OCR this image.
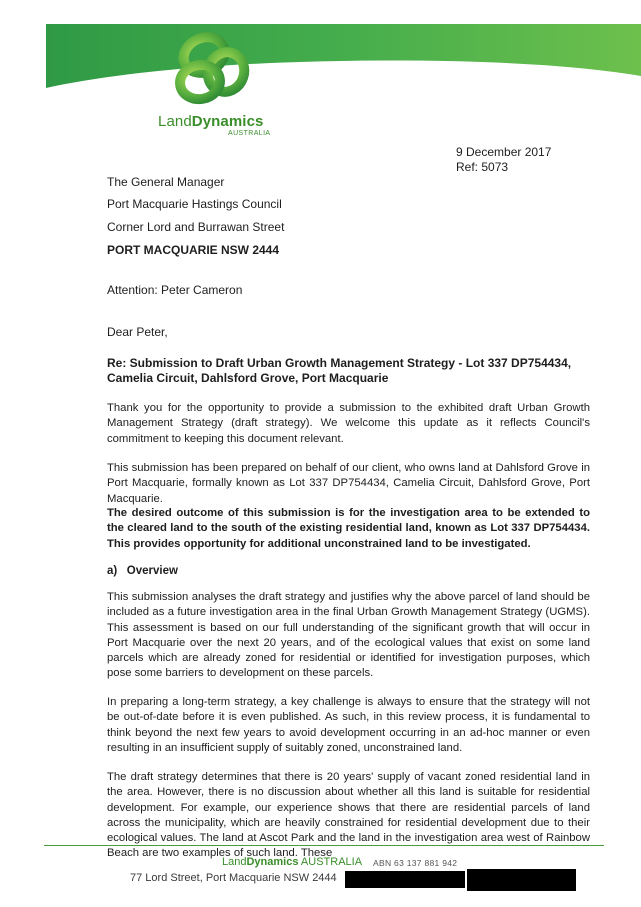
LandDynamics
AUSTRALIA
9 December 2017
Ref: 5073
The General Manager
Port Macquarie Hastings Council
Corner Lord and Burrawan Street
PORT MACQUARIE NSW 2444
Attention: Peter Cameron
Dear Peter,
Re: Submission to Draft Urban Growth Management Strategy - Lot 337 DP754434,
Camelia Circuit, Dahlsford Grove, Port Macquarie
Thank you for the opportunity to provide a submission to the exhibited draft Urban Growth Management Strategy (draft strategy). We welcome this update as it reflects Council's commitment to keeping this document relevant.
This submission has been prepared on behalf of our client, who owns land at Dahlsford Grove in Port Macquarie, formally known as Lot 337 DP754434, Camelia Circuit, Dahlsford Grove, Port Macquarie.
The desired outcome of this submission is for the investigation area to be extended to the cleared land to the south of the existing residential land, known as Lot 337 DP754434. This provides opportunity for additional unconstrained land to be investigated.
a)   Overview
This submission analyses the draft strategy and justifies why the above parcel of land should be included as a future investigation area in the final Urban Growth Management Strategy (UGMS). This assessment is based on our full understanding of the significant growth that will occur in Port Macquarie over the next 20 years, and of the ecological values that exist on some land parcels which are already zoned for residential or identified for investigation purposes, which pose some barriers to development on these parcels.
In preparing a long-term strategy, a key challenge is always to ensure that the strategy will not be out-of-date before it is even published. As such, in this review process, it is fundamental to think beyond the next few years to avoid development occurring in an ad-hoc manner or even resulting in an insufficient supply of suitably zoned, unconstrained land.
The draft strategy determines that there is 20 years' supply of vacant zoned residential land in the area. However, there is no discussion about whether all this land is suitable for residential development. For example, our experience shows that there are residential parcels of land across the municipality, which are heavily constrained for residential development due to their ecological values. The land at Ascot Park and the land in the investigation area west of Rainbow Beach are two examples of such land. These
LandDynamics AUSTRALIA ABN 63 137 881 942
77 Lord Street, Port Macquarie NSW 2444
